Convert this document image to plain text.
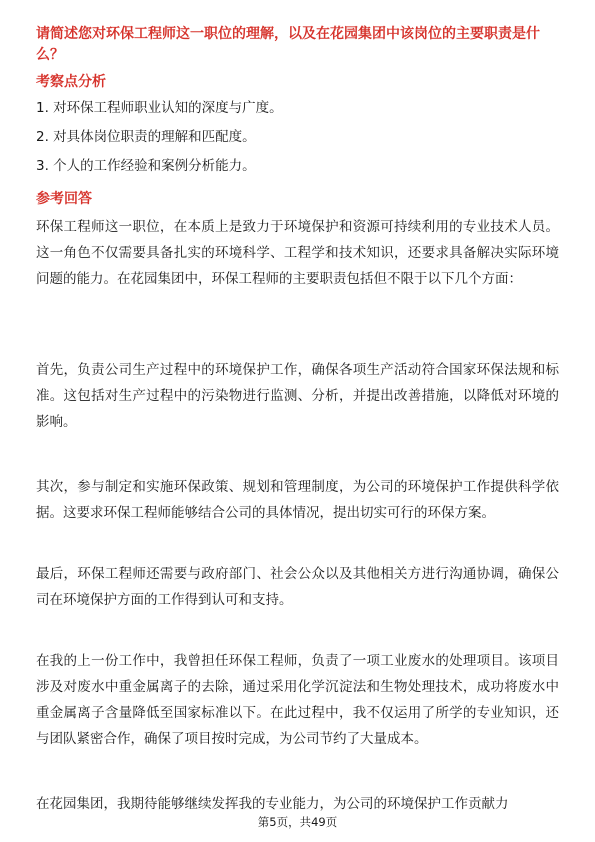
请简述您对环保工程师这一职位的理解，以及在花园集团中该岗位的主要职责是什么？
考察点分析
1. 对环保工程师职业认知的深度与广度。
2. 对具体岗位职责的理解和匹配度。
3. 个人的工作经验和案例分析能力。
参考回答
环保工程师这一职位，在本质上是致力于环境保护和资源可持续利用的专业技术人员。这一角色不仅需要具备扎实的环境科学、工程学和技术知识，还要求具备解决实际环境问题的能力。在花园集团中，环保工程师的主要职责包括但不限于以下几个方面：
首先，负责公司生产过程中的环境保护工作，确保各项生产活动符合国家环保法规和标准。这包括对生产过程中的污染物进行监测、分析，并提出改善措施，以降低对环境的影响。
其次，参与制定和实施环保政策、规划和管理制度，为公司的环境保护工作提供科学依据。这要求环保工程师能够结合公司的具体情况，提出切实可行的环保方案。
最后，环保工程师还需要与政府部门、社会公众以及其他相关方进行沟通协调，确保公司在环境保护方面的工作得到认可和支持。
在我的上一份工作中，我曾担任环保工程师，负责了一项工业废水的处理项目。该项目涉及对废水中重金属离子的去除，通过采用化学沉淀法和生物处理技术，成功将废水中重金属离子含量降低至国家标准以下。在此过程中，我不仅运用了所学的专业知识，还与团队紧密合作，确保了项目按时完成，为公司节约了大量成本。
在花园集团，我期待能够继续发挥我的专业能力，为公司的环境保护工作贡献力
第5页，共49页
